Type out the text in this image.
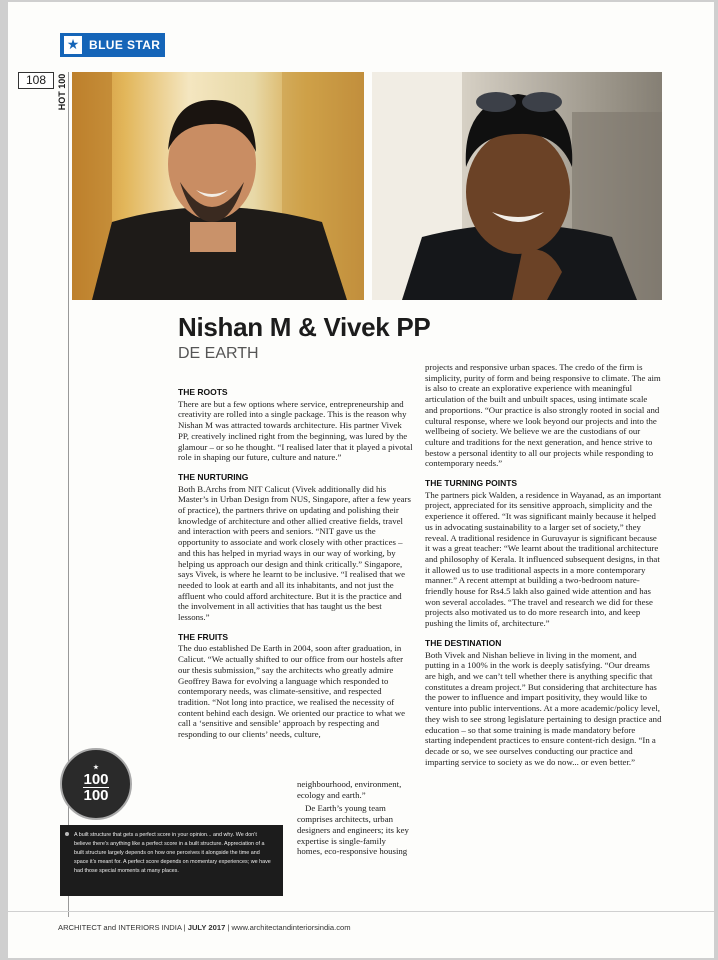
★ BLUE STAR
108	HOT 100
Nishan M & Vivek PP
DE EARTH
THE ROOTS

There are but a few options where service, entrepreneurship and creativity are rolled into a single package. This is the reason why Nishan M was attracted towards architecture. His partner Vivek PP, creatively inclined right from the beginning, was lured by the glamour – or so he thought. “I realised later that it played a pivotal role in shaping our future, culture and nature.”

THE NURTURING

Both B.Archs from NIT Calicut (Vivek additionally did his Master’s in Urban Design from NUS, Singapore, after a few years of practice), the partners thrive on updating and polishing their knowledge of architecture and other allied creative fields, travel and interaction with peers and seniors. “NIT gave us the opportunity to associate and work closely with other practices – and this has helped in myriad ways in our way of working, by helping us approach our design and think critically.” Singapore, says Vivek, is where he learnt to be inclusive. “I realised that we needed to look at earth and all its inhabitants, and not just the affluent who could afford architecture. But it is the practice and the involvement in all activities that has taught us the best lessons.”

THE FRUITS

The duo established De Earth in 2004, soon after graduation, in Calicut. “We actually shifted to our office from our hostels after our thesis submission,” say the architects who greatly admire Geoffrey Bawa for evolving a language which responded to contemporary needs, was climate-sensitive, and respected tradition. “Not long into practice, we realised the necessity of content behind each design. We oriented our practice to what we call a ‘sensitive and sensible’ approach by respecting and responding to our clients’ needs, culture,

neighbourhood, environment, ecology and earth.”

De Earth’s young team comprises architects, urban designers and engineers; its key expertise is single-family homes, eco-responsive housing

projects and responsive urban spaces. The credo of the firm is simplicity, purity of form and being responsive to climate. The aim is also to create an explorative experience with meaningful articulation of the built and unbuilt spaces, using intimate scale and proportions. “Our practice is also strongly rooted in social and cultural response, where we look beyond our projects and into the wellbeing of society. We believe we are the custodians of our culture and traditions for the next generation, and hence strive to bestow a personal identity to all our projects while responding to contemporary needs.”

THE TURNING POINTS

The partners pick Walden, a residence in Wayanad, as an important project, appreciated for its sensitive approach, simplicity and the experience it offered. “It was significant mainly because it helped us in advocating sustainability to a larger set of society,” they reveal. A traditional residence in Guruvayur is significant because it was a great teacher: “We learnt about the traditional architecture and philosophy of Kerala. It influenced subsequent designs, in that it allowed us to use traditional aspects in a more contemporary manner.” A recent attempt at building a two-bedroom nature-friendly house for Rs4.5 lakh also gained wide attention and has won several accolades. “The travel and research we did for these projects also motivated us to do more research into, and keep pushing the limits of, architecture.”

THE DESTINATION

Both Vivek and Nishan believe in living in the moment, and putting in a 100% in the work is deeply satisfying. “Our dreams are high, and we can’t tell whether there is anything specific that constitutes a dream project.” But considering that architecture has the power to influence and impart positivity, they would like to venture into public interventions. At a more academic/policy level, they wish to see strong legislature pertaining to design practice and education – so that some training is made mandatory before starting independent practices to ensure content-rich design. “In a decade or so, we see ourselves conducting our practice and imparting service to society as we do now... or even better.”

★
100
100
A built structure that gets a perfect score in your opinion... and why. We don’t believe there’s anything like a perfect score in a built structure. Appreciation of a built structure largely depends on how one perceives it alongside the time and space it’s meant for. A perfect score depends on momentary experiences; we have had those special moments at many places.
ARCHITECT and INTERIORS INDIA | JULY 2017 | www.architectandinteriorsindia.com
